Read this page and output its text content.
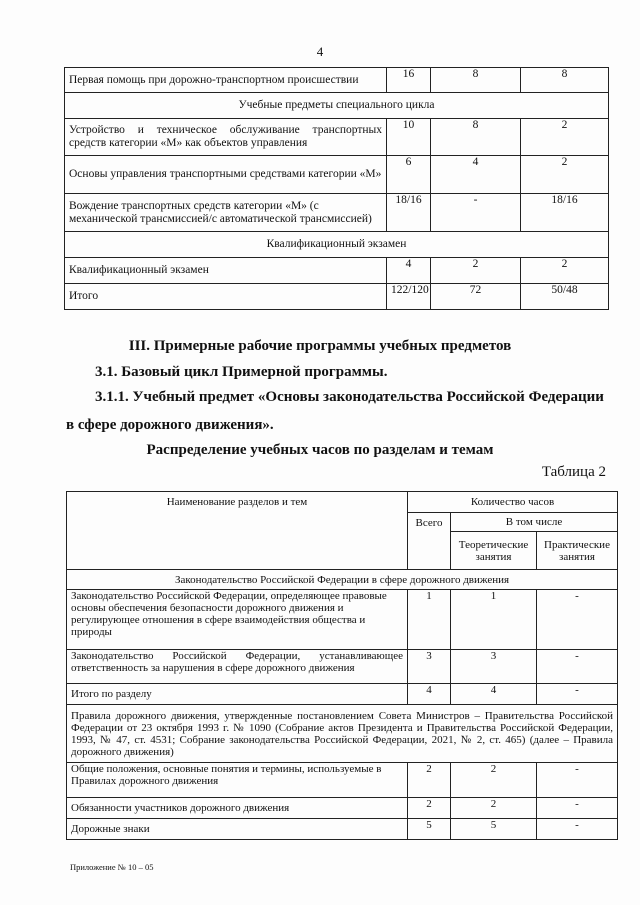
4
Первая помощь при дорожно-транспортном происшествии	16	8	8
Учебные предметы специального цикла			
Устройство и техническое обслуживание транспортных средств категории «М» как объектов управления	10	8	2
Основы управления транспортными средствами категории «М»	6	4	2
Вождение транспортных средств категории «М» (с механической трансмиссией/с автоматической трансмиссией)	18/16	-	18/16
Квалификационный экзамен			
Квалификационный экзамен	4	2	2
Итого	122/120	72	50/48
III. Примерные рабочие программы учебных предметов
3.1. Базовый цикл Примерной программы.
3.1.1. Учебный предмет «Основы законодательства Российской Федерации
в сфере дорожного движения».
Распределение учебных часов по разделам и темам
Таблица 2
Наименование разделов и тем	Количество часов		
	Всего	В том числе	
		Теоретические занятия	Практические занятия
Законодательство Российской Федерации в сфере дорожного движения			
Законодательство Российской Федерации, определяющее правовые основы обеспечения безопасности дорожного движения и регулирующее отношения в сфере взаимодействия общества и природы	1	1	-
Законодательство Российской Федерации, устанавливающее ответственность за нарушения в сфере дорожного движения	3	3	-
Итого по разделу	4	4	-
Правила дорожного движения, утвержденные постановлением Совета Министров – Правительства Российской Федерации от 23 октября 1993 г. № 1090 (Собрание актов Президента и Правительства Российской Федерации, 1993, № 47, ст. 4531; Собрание законодательства Российской Федерации, 2021, № 2, ст. 465) (далее – Правила дорожного движения)			
Общие положения, основные понятия и термины, используемые в Правилах дорожного движения	2	2	-
Обязанности участников дорожного движения	2	2	-
Дорожные знаки	5	5	-
Приложение № 10 – 05
